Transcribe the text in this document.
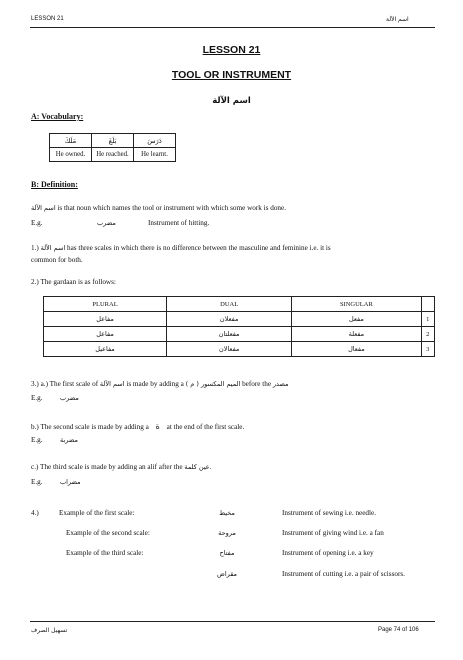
LESSON 21	اسم الآلة
LESSON 21
TOOL OR INSTRUMENT
اسم الآلة
A: Vocabulary:
مَلَكَ	بَلَغَ	دَرَسَ
He owned.	He reached.	He learnt.
B: Definition:
اسم الآلة is that noun which names the tool or instrument with which some work is done.
E.g.	مضرب	Instrument of hitting.
1.) اسم الآلة has three scales in which there is no difference between the masculine and feminine i.e. it is
common for both.
2.) The gardaan is as follows:
PLURAL	DUAL	SINGULAR	
مفاعل	مفعلان	مفعل	1
مفاعل	مفعلتان	مفعلة	2
مفاعيل	مفعالان	مفعال	3
3.) a.) The first scale of اسم الآلة is made by adding a ( م ) الميم المكسور before the مصدر
E.g.	مضرب
b.) The second scale is made by adding a ة at the end of the first scale.
E.g.	مضربة
c.) The third scale is made by adding an alif after the عين كلمة.
E.g.	مضراب
4.)	Example of the first scale:	مخيط	Instrument of sewing i.e. needle.
Example of the second scale:	مروحة	Instrument of giving wind i.e. a fan
Example of the third scale:	مفتاح	Instrument of opening i.e. a key
مقراض	Instrument of cutting i.e. a pair of scissors.
تسهيل الصرف	Page 74 of 106
